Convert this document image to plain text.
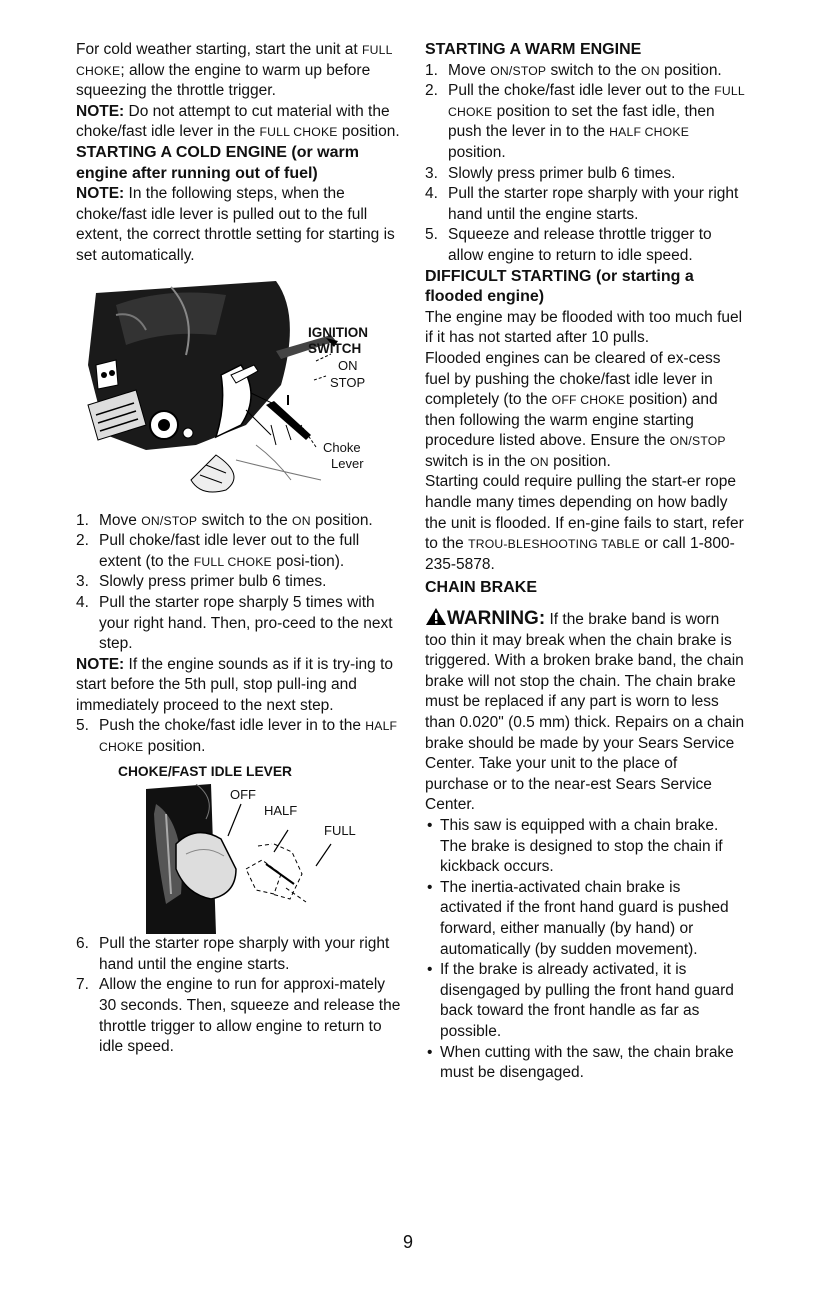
For cold weather starting, start the unit at FULL CHOKE; allow the engine to warm up before squeezing the throttle trigger.

NOTE: Do not attempt to cut material with the choke/fast idle lever in the FULL CHOKE position.

STARTING A COLD ENGINE (or warm engine after running out of fuel)

NOTE: In the following steps, when the choke/fast idle lever is pulled out to the full extent, the correct throttle setting for starting is set automatically.

IGNITION
SWITCH
ON
STOP
Choke
Lever
1. Move ON/STOP switch to the ON position.
2. Pull choke/fast idle lever out to the full extent (to the FULL CHOKE posi-tion).
3. Slowly press primer bulb 6 times.
4. Pull the starter rope sharply 5 times with your right hand. Then, pro-ceed to the next step.

NOTE: If the engine sounds as if it is try-ing to start before the 5th pull, stop pull-ing and immediately proceed to the next step.

5. Push the choke/fast idle lever in to the HALF CHOKE position.

CHOKE/FAST IDLE LEVER

OFF
HALF
FULL
6. Pull the starter rope sharply with your right hand until the engine starts.
7. Allow the engine to run for approxi-mately 30 seconds. Then, squeeze and release the throttle trigger to allow engine to return to idle speed.

STARTING A WARM ENGINE

1. Move ON/STOP switch to the ON position.
2. Pull the choke/fast idle lever out to the FULL CHOKE position to set the fast idle, then push the lever in to the HALF CHOKE position.
3. Slowly press primer bulb 6 times.
4. Pull the starter rope sharply with your right hand until the engine starts.
5. Squeeze and release throttle trigger to allow engine to return to idle speed.

DIFFICULT STARTING (or starting a flooded engine)

The engine may be flooded with too much fuel if it has not started after 10 pulls.

Flooded engines can be cleared of ex-cess fuel by pushing the choke/fast idle lever in completely (to the OFF CHOKE position) and then following the warm engine starting procedure listed above. Ensure the ON/STOP switch is in the ON position.

Starting could require pulling the start-er rope handle many times depending on how badly the unit is flooded. If en-gine fails to start, refer to the TROU-BLESHOOTING TABLE or call 1-800-235-5878.

CHAIN BRAKE

WARNING: If the brake band is worn too thin it may break when the chain brake is triggered. With a broken brake band, the chain brake will not stop the chain. The chain brake must be replaced if any part is worn to less than 0.020" (0.5 mm) thick. Repairs on a chain brake should be made by your Sears Service Center. Take your unit to the place of purchase or to the near-est Sears Service Center.

• This saw is equipped with a chain brake. The brake is designed to stop the chain if kickback occurs.
• The inertia-activated chain brake is activated if the front hand guard is pushed forward, either manually (by hand) or automatically (by sudden movement).
• If the brake is already activated, it is disengaged by pulling the front hand guard back toward the front handle as far as possible.
• When cutting with the saw, the chain brake must be disengaged.
9
